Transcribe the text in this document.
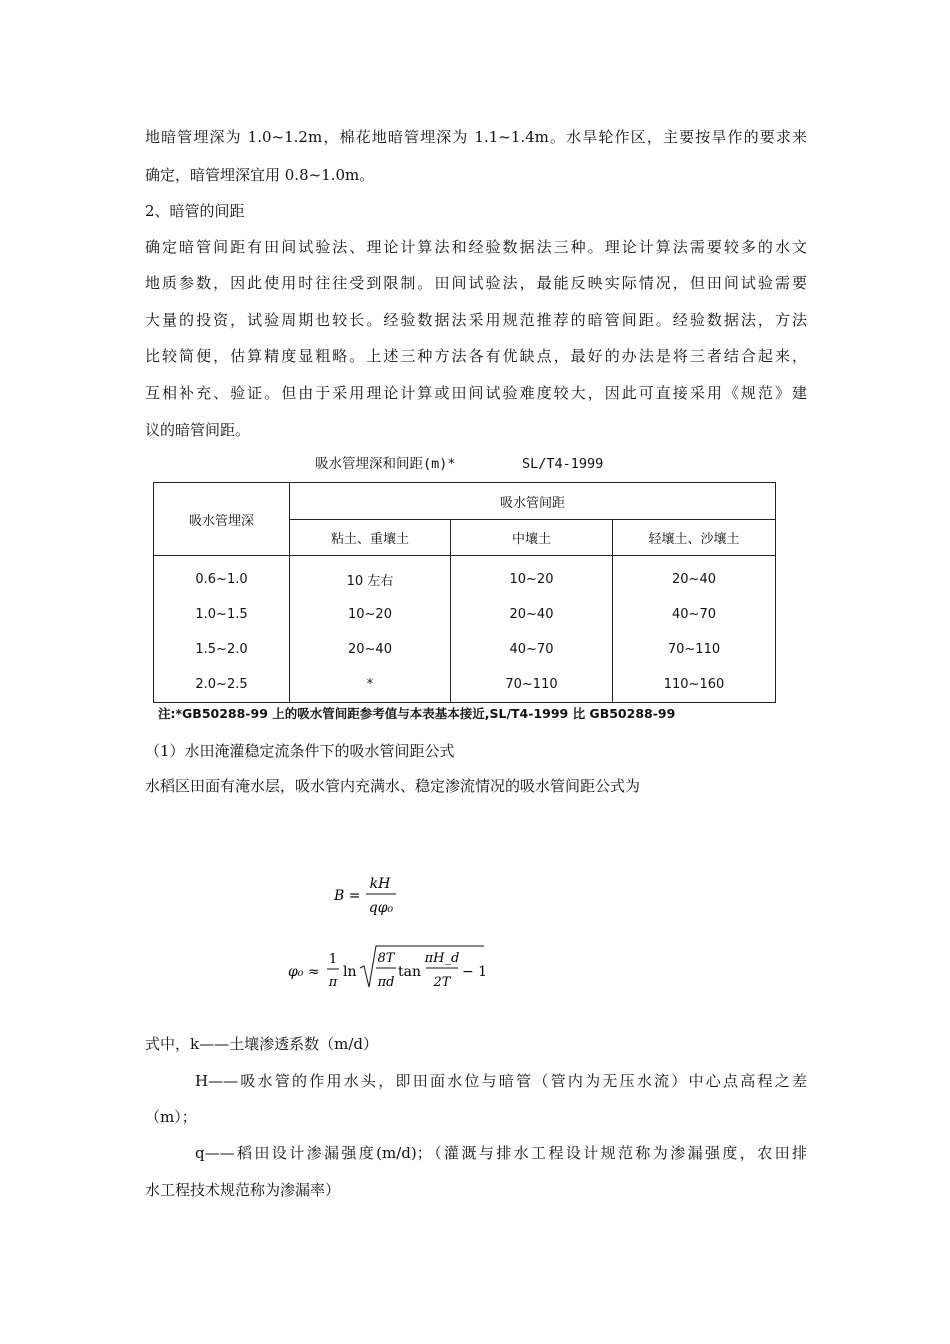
地暗管埋深为 1.0~1.2m，棉花地暗管埋深为 1.1~1.4m。水旱轮作区，主要按旱作的要求来
确定，暗管埋深宜用 0.8~1.0m。
2、暗管的间距
确定暗管间距有田间试验法、理论计算法和经验数据法三种。理论计算法需要较多的水文
地质参数，因此使用时往往受到限制。田间试验法，最能反映实际情况，但田间试验需要
大量的投资，试验周期也较长。经验数据法采用规范推荐的暗管间距。经验数据法，方法
比较简便，估算精度显粗略。上述三种方法各有优缺点，最好的办法是将三者结合起来，
互相补充、验证。但由于采用理论计算或田间试验难度较大，因此可直接采用《规范》建
议的暗管间距。
吸水管埋深和间距(m)*	SL/T4-1999
吸水管埋深	吸水管间距		
	粘土、重壤土	中壤土	轻壤土、沙壤土
0.6~1.0	10 左右	10~20	20~40
1.0~1.5	10~20	20~40	40~70
1.5~2.0	20~40	40~70	70~110
2.0~2.5	*	70~110	110~160
注:*GB50288-99 上的吸水管间距参考值与本表基本接近,SL/T4-1999 比 GB50288-99
（1）水田淹灌稳定流条件下的吸水管间距公式
水稻区田面有淹水层，吸水管内充满水、稳定渗流情况的吸水管间距公式为
B =
kH
qφ₀
φ₀ ≈
1
π
ln
8T
πd
tan
πH_d
2T
− 1
式中，k——土壤渗透系数（m/d）
H——吸水管的作用水头，即田面水位与暗管（管内为无压水流）中心点高程之差
（m）；
q——稻田设计渗漏强度(m/d)；（灌溉与排水工程设计规范称为渗漏强度，农田排
水工程技术规范称为渗漏率）
